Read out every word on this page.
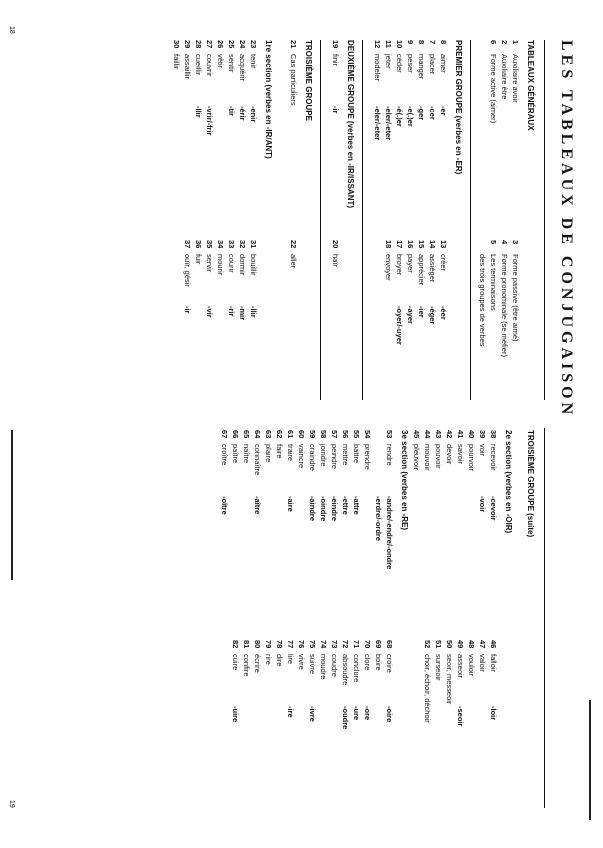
LES TABLEAUX DE CONJUGAISON
TABLEAUX GÉNÉRAUX
1Auxiliaire avoir
2Auxiliaire être
6Forme active (aimer)
3Forme passive (être aimé)
4Forme pronominale (se méfier)
5Les terminaisons
des trois groupes de verbes
PREMIER GROUPE (verbes en -ER)
8aimer-er
7placer-cer
8manger-ger
9peser-e(.)er
10céder-é(.)er
11jeter-eler/-eter
12modeler-eler/-eter
13créer-éer
14assiéger-éger
15apprécier-ier
16payer-ayer
17broyer-oyer/-uyer
18envoyer
DEUXIÈME GROUPE (verbes en -IR/ISSANT)
19finir-ir
20haïr
TROISIÈME GROUPE
21Cas particuliers
22aller
1re section (verbes en -IR/ANT)
23tenir-enir
24acquérir-érir
25sentir-tir
26vêtir
27couvrir-vrir/-frir
28cueillir-llir
29assaillir
30faillir
31bouillir-llir
32dormir-mir
33courir-rir
34mourir
35servir-vir
36fuir
37ouïr, gésir-ir
18
TROISIÈME GROUPE (suite)
2e section (verbes en -OIR)
38recevoir-cevoir
39voir-voir
40pourvoir
41savoir
42devoir
43pouvoir
44mouvoir
45pleuvoir
46falloir-loir
47valoir
48vouloir
49asseoir-seoir
50seoir, messeoir
51surseoir
52choir, échoir, déchoir
3e section (verbes en -RE)
53rendre-andre/-endre/-ondre
-erdre/-ordre
54prendre
55battre-attre
56mettre-ettre
57peindre-eindre
58joindre-oindre
59craindre-aindre
60vaincre
61traire-aire
62faire
63plaire
64connaître-aître
65naître
66paître
67croître-oître
68croire-oire
69boire
70clore-ore
71conclure-ure
72absoudre-oudre
73coudre
74moudre
75suivre-ivre
76vivre
77lire-ire
78dire
79rire
80écrire
81confire
82cuire-uire
19
